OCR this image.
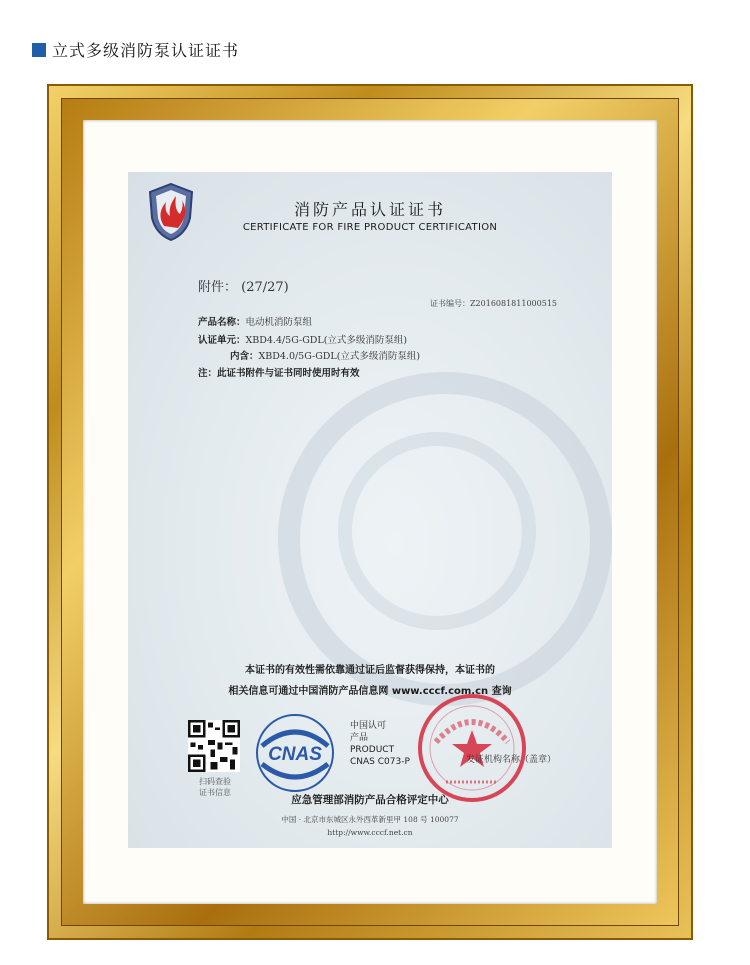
立式多级消防泵认证证书
消防产品认证证书
CERTIFICATE FOR FIRE PRODUCT CERTIFICATION
附件： (27/27)
证书编号：Z2016081811000515
产品名称：电动机消防泵组
认证单元：XBD4.4/5G-GDL(立式多级消防泵组)
内含：XBD4.0/5G-GDL(立式多级消防泵组)
注：此证书附件与证书同时使用时有效
本证书的有效性需依靠通过证后监督获得保持，本证书的
相关信息可通过中国消防产品信息网 www.cccf.com.cn 查询
扫码查验
证书信息
CNAS
中国认可
产品
PRODUCT
CNAS C073-P	发证机构名称（盖章）
应急管理部消防产品合格评定中心
中国 · 北京市东城区永外西革新里甲 108 号 100077
http://www.cccf.net.cn
